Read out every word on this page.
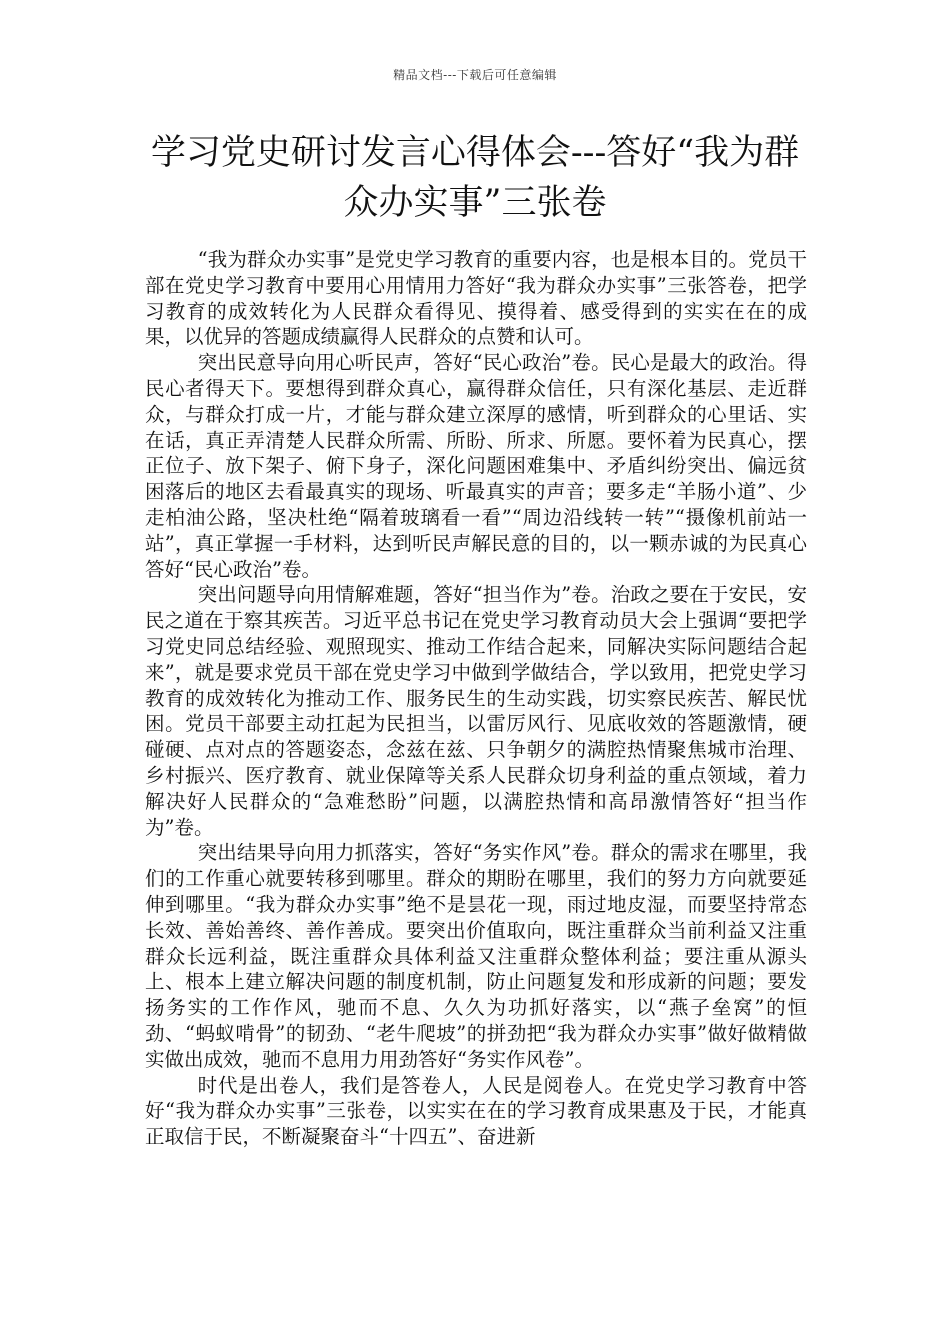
精品文档---下载后可任意编辑
学习党史研讨发言心得体会---答好“我为群众办实事”三张卷

“我为群众办实事”是党史学习教育的重要内容，也是根本目的。党员干部在党史学习教育中要用心用情用力答好“我为群众办实事”三张答卷，把学习教育的成效转化为人民群众看得见、摸得着、感受得到的实实在在的成果，以优异的答题成绩赢得人民群众的点赞和认可。

突出民意导向用心听民声，答好“民心政治”卷。民心是最大的政治。得民心者得天下。要想得到群众真心，赢得群众信任，只有深化基层、走近群众，与群众打成一片，才能与群众建立深厚的感情，听到群众的心里话、实在话，真正弄清楚人民群众所需、所盼、所求、所愿。要怀着为民真心，摆正位子、放下架子、俯下身子，深化问题困难集中、矛盾纠纷突出、偏远贫困落后的地区去看最真实的现场、听最真实的声音；要多走“羊肠小道”、少走柏油公路，坚决杜绝“隔着玻璃看一看”“周边沿线转一转”“摄像机前站一站”，真正掌握一手材料，达到听民声解民意的目的，以一颗赤诚的为民真心答好“民心政治”卷。

突出问题导向用情解难题，答好“担当作为”卷。治政之要在于安民，安民之道在于察其疾苦。习近平总书记在党史学习教育动员大会上强调“要把学习党史同总结经验、观照现实、推动工作结合起来，同解决实际问题结合起来”，就是要求党员干部在党史学习中做到学做结合，学以致用，把党史学习教育的成效转化为推动工作、服务民生的生动实践，切实察民疾苦、解民忧困。党员干部要主动扛起为民担当，以雷厉风行、见底收效的答题激情，硬碰硬、点对点的答题姿态，念兹在兹、只争朝夕的满腔热情聚焦城市治理、乡村振兴、医疗教育、就业保障等关系人民群众切身利益的重点领域，着力解决好人民群众的“急难愁盼”问题，以满腔热情和高昂激情答好“担当作为”卷。

突出结果导向用力抓落实，答好“务实作风”卷。群众的需求在哪里，我们的工作重心就要转移到哪里。群众的期盼在哪里，我们的努力方向就要延伸到哪里。“我为群众办实事”绝不是昙花一现，雨过地皮湿，而要坚持常态长效、善始善终、善作善成。要突出价值取向，既注重群众当前利益又注重群众长远利益，既注重群众具体利益又注重群众整体利益；要注重从源头上、根本上建立解决问题的制度机制，防止问题复发和形成新的问题；要发扬务实的工作作风，驰而不息、久久为功抓好落实，以“燕子垒窝”的恒劲、“蚂蚁啃骨”的韧劲、“老牛爬坡”的拼劲把“我为群众办实事”做好做精做实做出成效，驰而不息用力用劲答好“务实作风卷”。

时代是出卷人，我们是答卷人，人民是阅卷人。在党史学习教育中答好“我为群众办实事”三张卷，以实实在在的学习教育成果惠及于民，才能真正取信于民，不断凝聚奋斗“十四五”、奋进新
